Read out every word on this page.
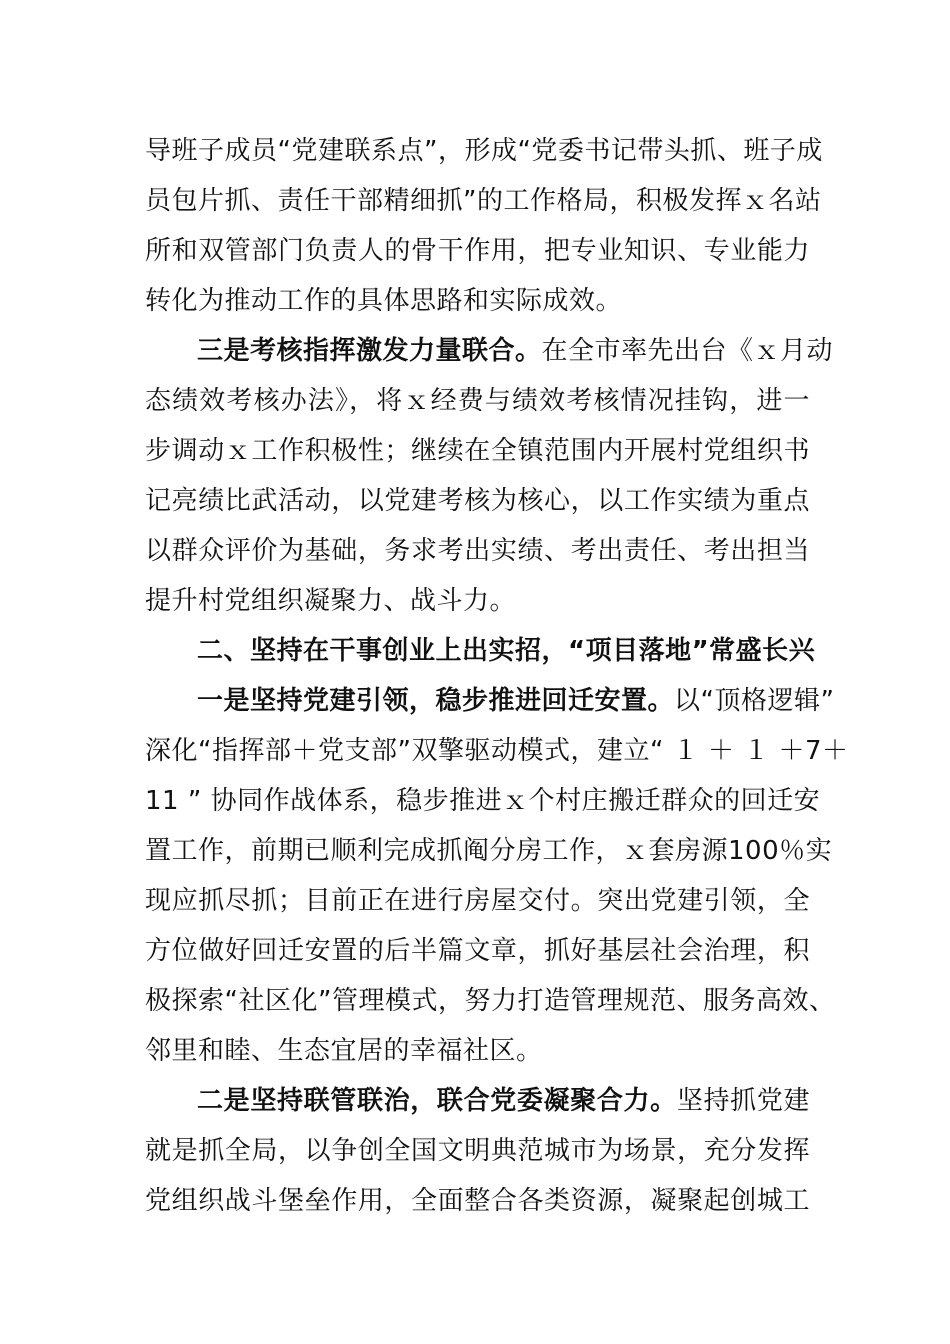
导班子成员“党建联系点”，形成“党委书记带头抓、班子成
员包片抓、责任干部精细抓”的工作格局，积极发挥ｘ名站
所和双管部门负责人的骨干作用，把专业知识、专业能力
转化为推动工作的具体思路和实际成效。
三是考核指挥激发力量联合。在全市率先出台《ｘ月动
态绩效考核办法》，将ｘ经费与绩效考核情况挂钩，进一
步调动ｘ工作积极性；继续在全镇范围内开展村党组织书
记亮绩比武活动，以党建考核为核心，以工作实绩为重点
以群众评价为基础，务求考出实绩、考出责任、考出担当
提升村党组织凝聚力、战斗力。
二、坚持在干事创业上出实招，“项目落地”常盛长兴
一是坚持党建引领，稳步推进回迁安置。以“顶格逻辑”
深化“指挥部＋党支部”双擎驱动模式，建立“ １ ＋ １ ＋7＋
11 ” 协同作战体系，稳步推进ｘ个村庄搬迁群众的回迁安
置工作，前期已顺利完成抓阄分房工作，ｘ套房源100％实
现应抓尽抓；目前正在进行房屋交付。突出党建引领，全
方位做好回迁安置的后半篇文章，抓好基层社会治理，积
极探索“社区化”管理模式，努力打造管理规范、服务高效、
邻里和睦、生态宜居的幸福社区。
二是坚持联管联治，联合党委凝聚合力。坚持抓党建
就是抓全局，以争创全国文明典范城市为场景，充分发挥
党组织战斗堡垒作用，全面整合各类资源，凝聚起创城工
